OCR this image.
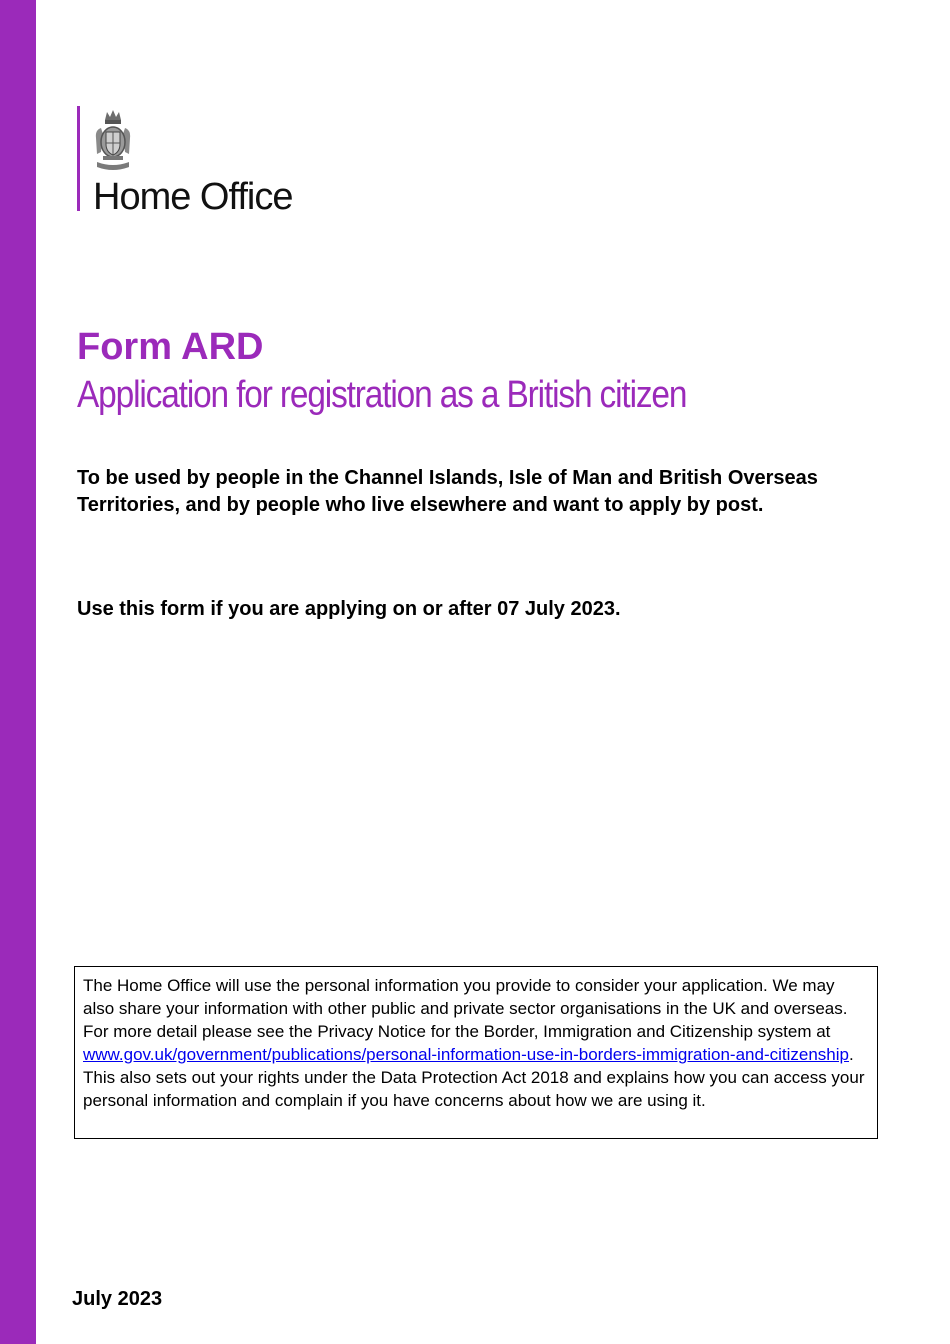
Home Office
Form ARD
Application for registration as a British citizen

To be used by people in the Channel Islands, Isle of Man and British Overseas Territories, and by people who live elsewhere and want to apply by post.

Use this form if you are applying on or after 07 July 2023.

The Home Office will use the personal information you provide to consider your application. We may also share your information with other public and private sector organisations in the UK and overseas. For more detail please see the Privacy Notice for the Border, Immigration and Citizenship system at www.gov.uk/government/publications/personal-information-use-in-borders-immigration-and-citizenship. This also sets out your rights under the Data Protection Act 2018 and explains how you can access your personal information and complain if you have concerns about how we are using it.
July 2023
